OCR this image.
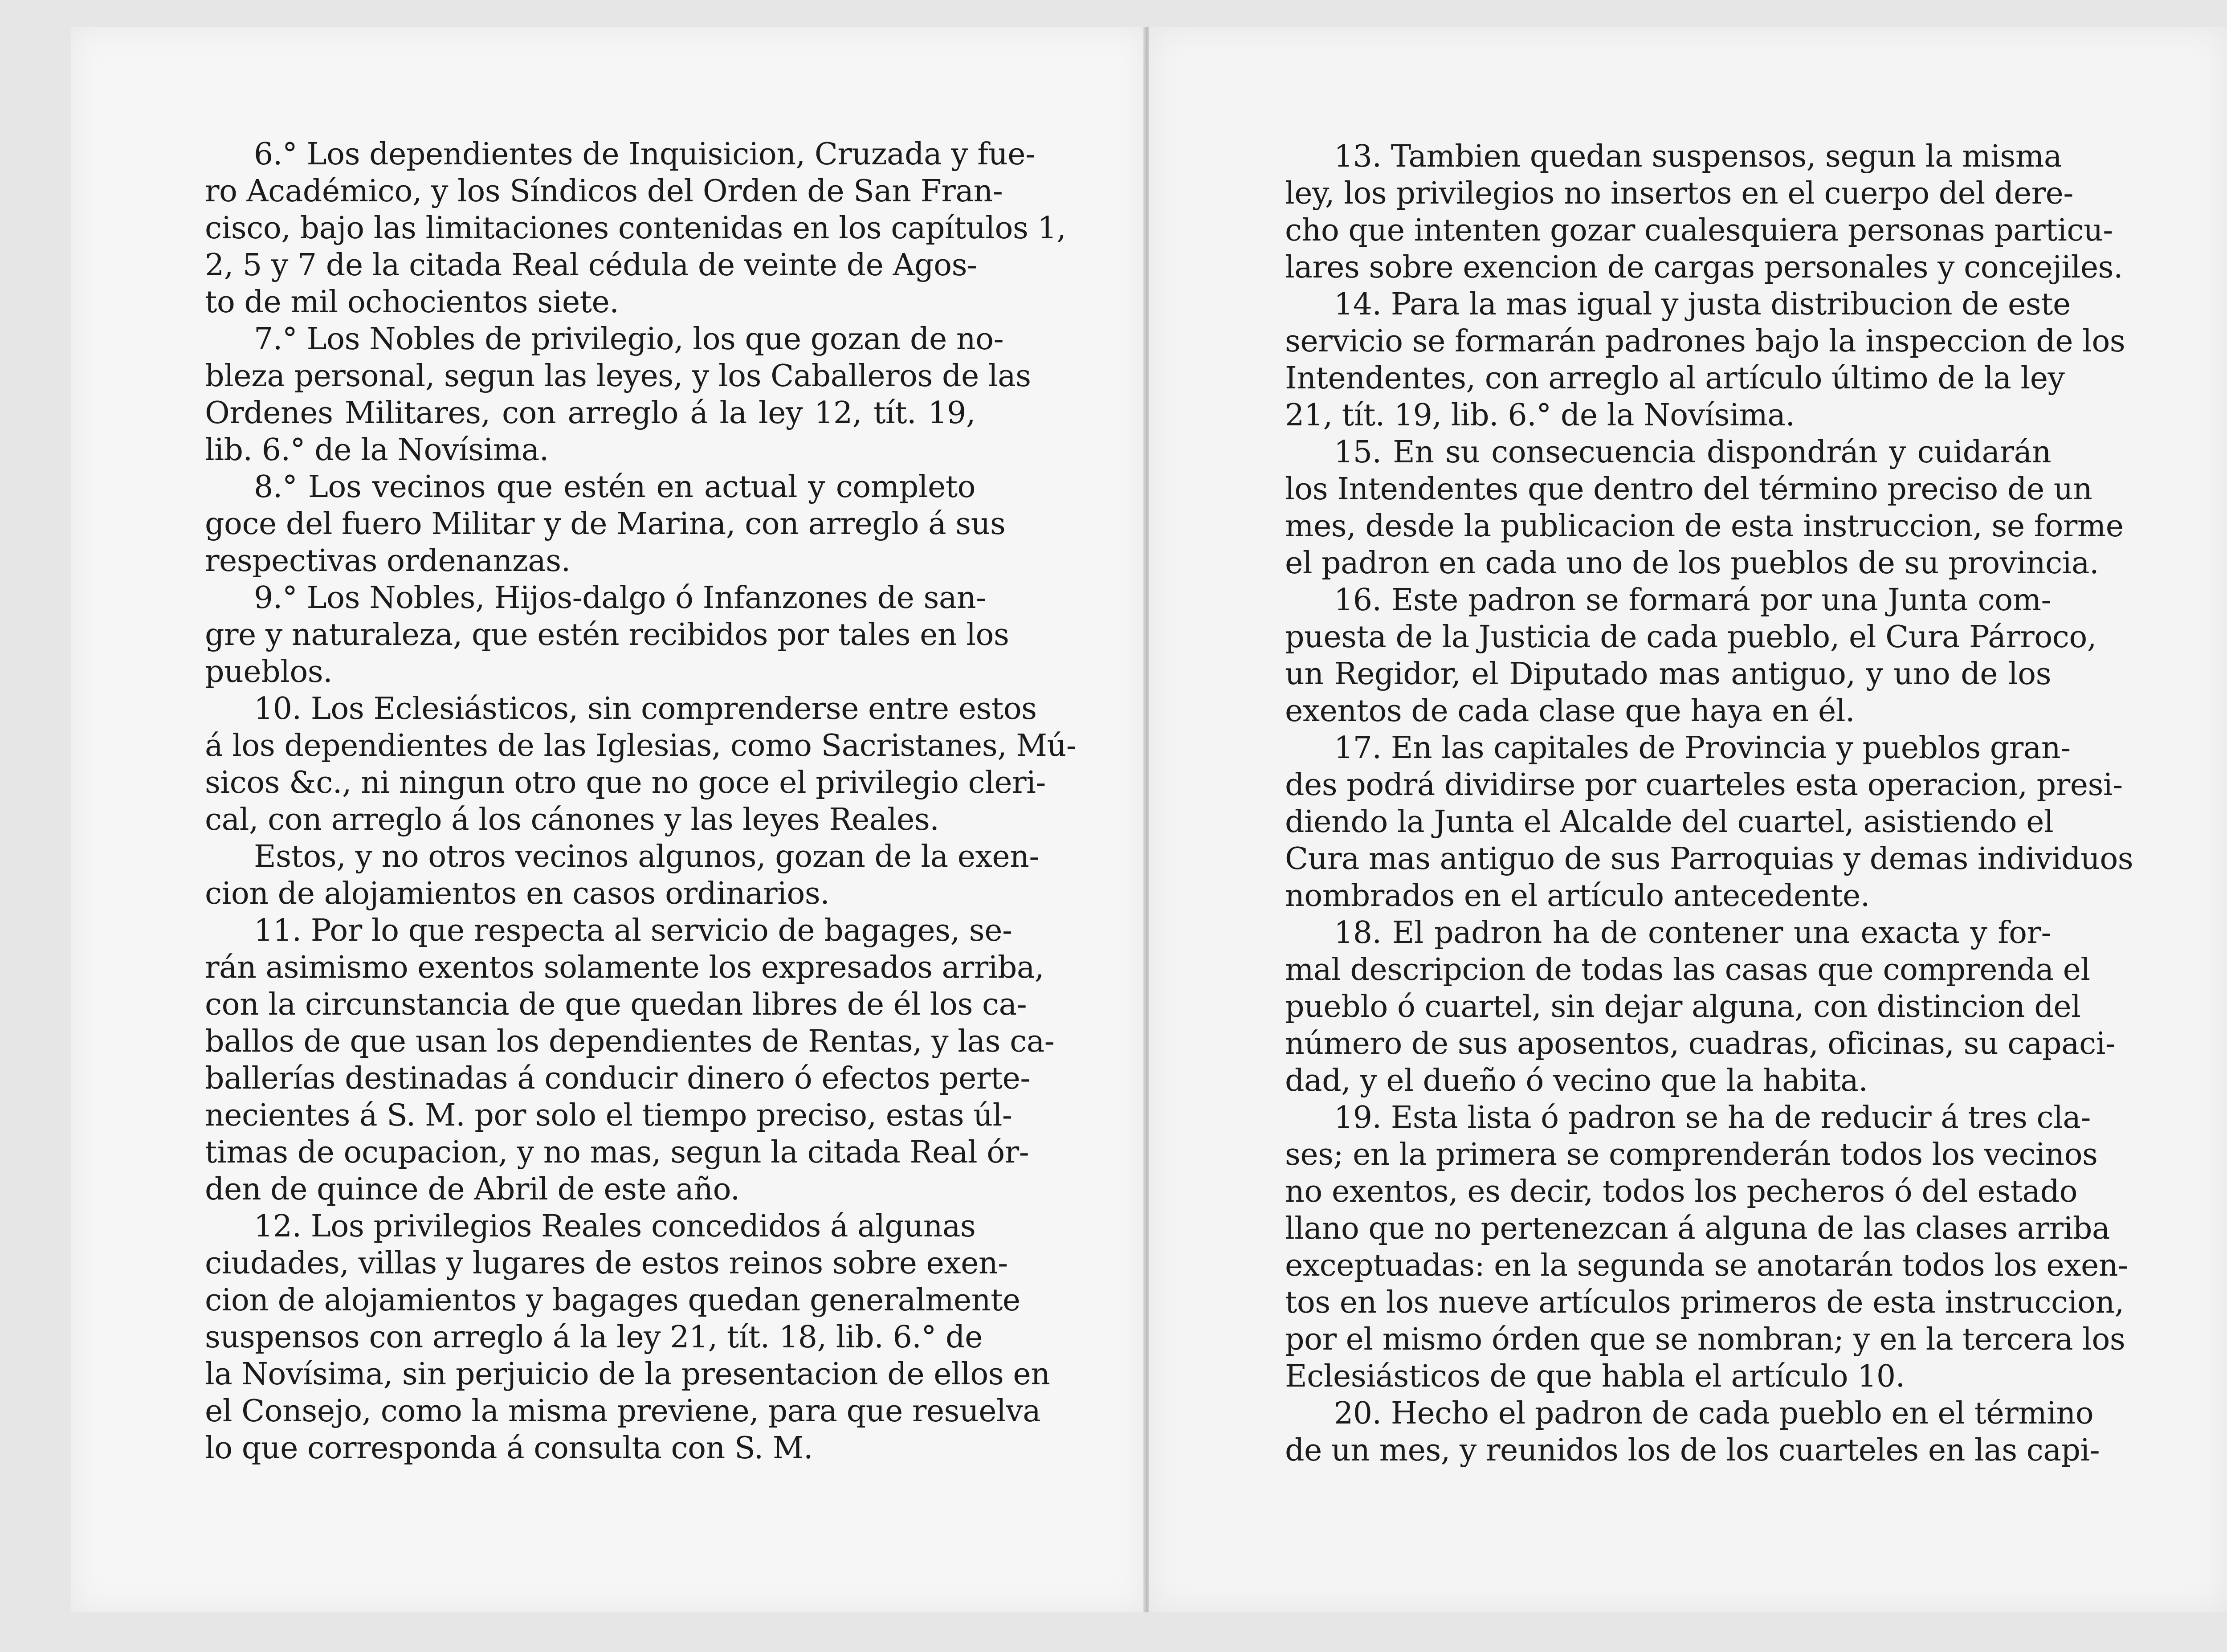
6.° Los dependientes de Inquisicion, Cruzada y fue-
ro Académico, y los Síndicos del Orden de San Fran-
cisco, bajo las limitaciones contenidas en los capítulos 1,
2, 5 y 7 de la citada Real cédula de veinte de Agos-
to de mil ochocientos siete.
7.° Los Nobles de privilegio, los que gozan de no-
bleza personal, segun las leyes, y los Caballeros de las
Ordenes Militares, con arreglo á la ley 12, tít. 19,
lib. 6.° de la Novísima.
8.° Los vecinos que estén en actual y completo
goce del fuero Militar y de Marina, con arreglo á sus
respectivas ordenanzas.
9.° Los Nobles, Hijos-dalgo ó Infanzones de san-
gre y naturaleza, que estén recibidos por tales en los
pueblos.
10. Los Eclesiásticos, sin comprenderse entre estos
á los dependientes de las Iglesias, como Sacristanes, Mú-
sicos &c., ni ningun otro que no goce el privilegio cleri-
cal, con arreglo á los cánones y las leyes Reales.
Estos, y no otros vecinos algunos, gozan de la exen-
cion de alojamientos en casos ordinarios.
11. Por lo que respecta al servicio de bagages, se-
rán asimismo exentos solamente los expresados arriba,
con la circunstancia de que quedan libres de él los ca-
ballos de que usan los dependientes de Rentas, y las ca-
ballerías destinadas á conducir dinero ó efectos perte-
necientes á S. M. por solo el tiempo preciso, estas úl-
timas de ocupacion, y no mas, segun la citada Real ór-
den de quince de Abril de este año.
12. Los privilegios Reales concedidos á algunas
ciudades, villas y lugares de estos reinos sobre exen-
cion de alojamientos y bagages quedan generalmente
suspensos con arreglo á la ley 21, tít. 18, lib. 6.° de
la Novísima, sin perjuicio de la presentacion de ellos en
el Consejo, como la misma previene, para que resuelva
lo que corresponda á consulta con S. M.
13. Tambien quedan suspensos, segun la misma
ley, los privilegios no insertos en el cuerpo del dere-
cho que intenten gozar cualesquiera personas particu-
lares sobre exencion de cargas personales y concejiles.
14. Para la mas igual y justa distribucion de este
servicio se formarán padrones bajo la inspeccion de los
Intendentes, con arreglo al artículo último de la ley
21, tít. 19, lib. 6.° de la Novísima.
15. En su consecuencia dispondrán y cuidarán
los Intendentes que dentro del término preciso de un
mes, desde la publicacion de esta instruccion, se forme
el padron en cada uno de los pueblos de su provincia.
16. Este padron se formará por una Junta com-
puesta de la Justicia de cada pueblo, el Cura Párroco,
un Regidor, el Diputado mas antiguo, y uno de los
exentos de cada clase que haya en él.
17. En las capitales de Provincia y pueblos gran-
des podrá dividirse por cuarteles esta operacion, presi-
diendo la Junta el Alcalde del cuartel, asistiendo el
Cura mas antiguo de sus Parroquias y demas individuos
nombrados en el artículo antecedente.
18. El padron ha de contener una exacta y for-
mal descripcion de todas las casas que comprenda el
pueblo ó cuartel, sin dejar alguna, con distincion del
número de sus aposentos, cuadras, oficinas, su capaci-
dad, y el dueño ó vecino que la habita.
19. Esta lista ó padron se ha de reducir á tres cla-
ses; en la primera se comprenderán todos los vecinos
no exentos, es decir, todos los pecheros ó del estado
llano que no pertenezcan á alguna de las clases arriba
exceptuadas: en la segunda se anotarán todos los exen-
tos en los nueve artículos primeros de esta instruccion,
por el mismo órden que se nombran; y en la tercera los
Eclesiásticos de que habla el artículo 10.
20. Hecho el padron de cada pueblo en el término
de un mes, y reunidos los de los cuarteles en las capi-
